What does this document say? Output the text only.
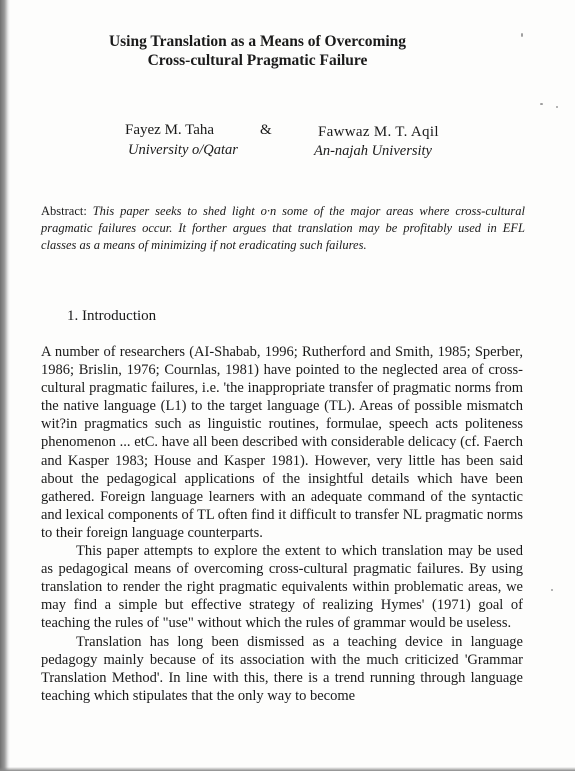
Using Translation as a Means of Overcoming
Cross-cultural Pragmatic Failure
Fayez M. Taha	&	Fawwaz M. T. Aqil
University o/Qatar	An-najah University

Abstract: This paper seeks to shed light o·n some of the major areas where cross-cultural pragmatic failures occur. It forther argues that translation may be profitably used in EFL classes as a means of minimizing if not eradicating such failures.

1. Introduction

A number of researchers (AI-Shabab, 1996; Rutherford and Smith, 1985; Sperber, 1986; Brislin, 1976; Cournlas, 1981) have pointed to the neglected area of cross-cultural pragmatic failures, i.e. 'the inappropriate transfer of pragmatic norms from the native language (L1) to the target language (TL). Areas of possible mismatch wit?in pragmatics such as linguistic routines, formulae, speech acts politeness phenomenon ... etC. have all been described with considerable delicacy (cf. Faerch and Kasper 1983; House and Kasper 1981). However, very little has been said about the pedagogical applications of the insightful details which have been gathered. Foreign language learners with an adequate command of the syntactic and lexical components of TL often find it difficult to transfer NL pragmatic norms to their foreign language counterparts.

This paper attempts to explore the extent to which translation may be used as pedagogical means of overcoming cross-cultural pragmatic failures. By using translation to render the right pragmatic equivalents within problematic areas, we may find a simple but effective strategy of realizing Hymes' (1971) goal of teaching the rules of "use" without which the rules of grammar would be useless.

Translation has long been dismissed as a teaching device in language pedagogy mainly because of its association with the much criticized 'Grammar Translation Method'. In line with this, there is a trend running through language teaching which stipulates that the only way to become
